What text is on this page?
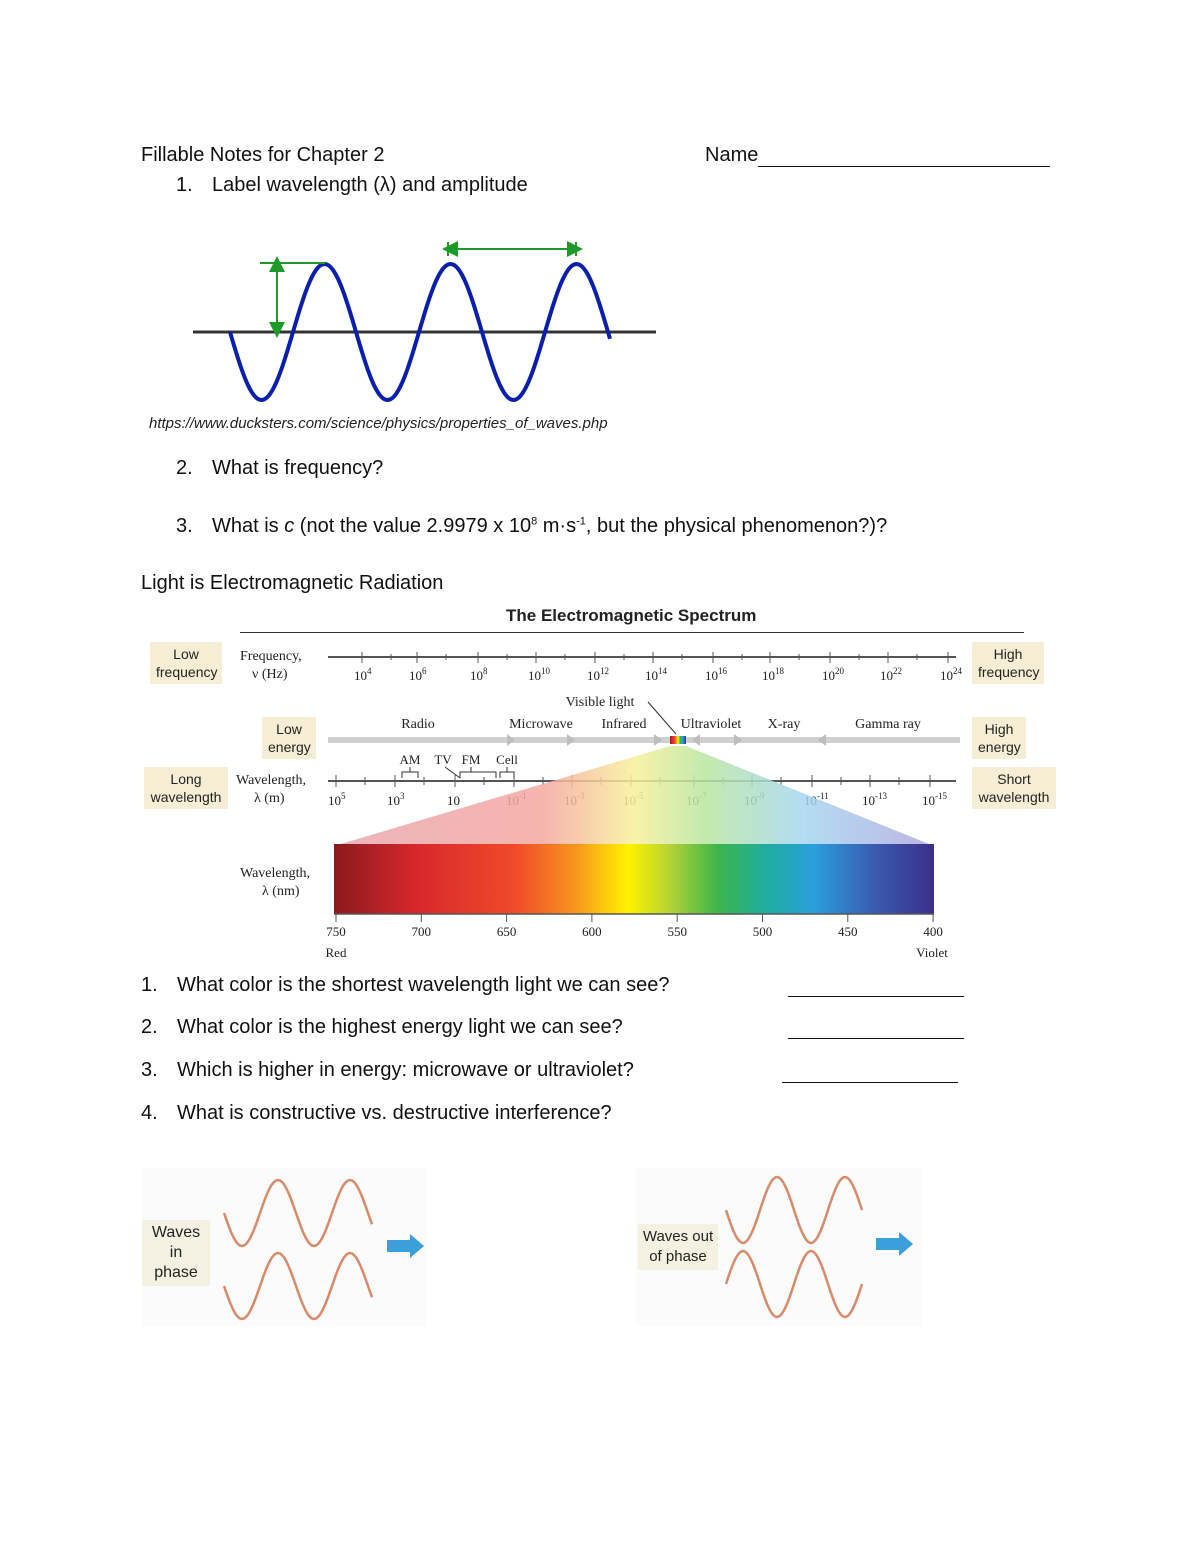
Fillable Notes for Chapter 2	Name
1. Label wavelength (λ) and amplitude
https://www.ducksters.com/science/physics/properties_of_waves.php
2. What is frequency?
3. What is c (not the value 2.9979 x $10^8$ $m\cdot s^{-1}$, but the physical phenomenon?)?
Light is Electromagnetic Radiation
The Electromagnetic Spectrum
Low
frequency
High
frequency
Low
energy
High
energy
Long
wavelength
Short
wavelength
Frequency,
ν (Hz)
Wavelength,
λ (m)
Wavelength,
λ (nm)
$10^4$	$10^6$	$10^8$	$10^{10}$	$10^{12}$	$10^{14}$	$10^{16}$	$10^{18}$	$10^{20}$	$10^{22}$	$10^{24}$
$10^5$	$10^3$	10	$^{-11}$	$10^{-13}$	$10^{-15}$
750	700	650	600	550	500	450	400
Radio	Microwave Infrared Ultraviolet X-ray	Gamma ray
Visible light
AM TV FM Cell
Red	Violet
1. What color is the shortest wavelength light we can see?
2. What color is the highest energy light we can see?
3. Which is higher in energy: microwave or ultraviolet?
4. What is constructive vs. destructive interference?
Waves
in phase
Waves out
of phase
